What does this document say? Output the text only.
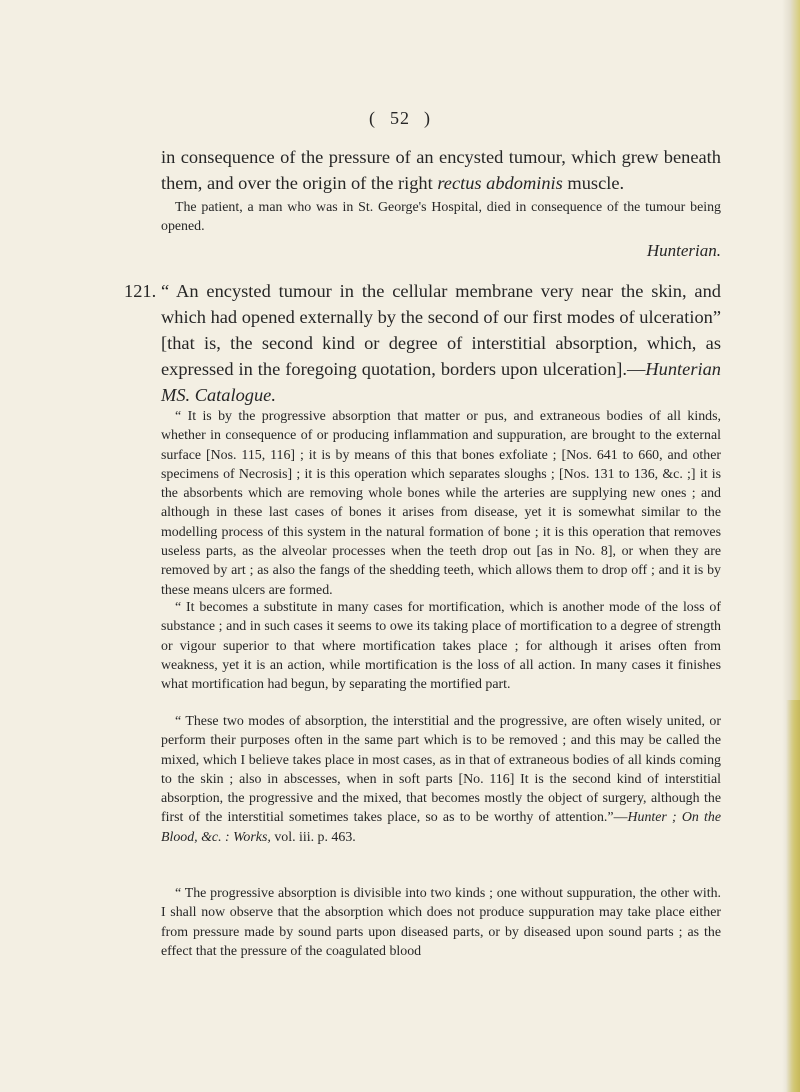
( 52 )

in consequence of the pressure of an encysted tumour, which grew beneath them, and over the origin of the right rectus abdominis muscle.

The patient, a man who was in St. George's Hospital, died in consequence of the tumour being opened.

Hunterian.

121. “ An encysted tumour in the cellular membrane very near the skin, and which had opened externally by the second of our first modes of ulceration” [that is, the second kind or degree of interstitial absorption, which, as expressed in the foregoing quotation, borders upon ulceration].—Hunterian MS. Catalogue.

“ It is by the progressive absorption that matter or pus, and extraneous bodies of all kinds, whether in consequence of or producing inflammation and suppuration, are brought to the external surface [Nos. 115, 116] ; it is by means of this that bones exfoliate ; [Nos. 641 to 660, and other specimens of Necrosis] ; it is this operation which separates sloughs ; [Nos. 131 to 136, &c. ;] it is the absorbents which are removing whole bones while the arteries are supplying new ones ; and although in these last cases of bones it arises from disease, yet it is somewhat similar to the modelling process of this system in the natural formation of bone ; it is this operation that removes useless parts, as the alveolar processes when the teeth drop out [as in No. 8], or when they are removed by art ; as also the fangs of the shedding teeth, which allows them to drop off ; and it is by these means ulcers are formed.

“ It becomes a substitute in many cases for mortification, which is another mode of the loss of substance ; and in such cases it seems to owe its taking place of mortification to a degree of strength or vigour superior to that where mortification takes place ; for although it arises often from weakness, yet it is an action, while mortification is the loss of all action. In many cases it finishes what mortification had begun, by separating the mortified part.

“ These two modes of absorption, the interstitial and the progressive, are often wisely united, or perform their purposes often in the same part which is to be removed ; and this may be called the mixed, which I believe takes place in most cases, as in that of extraneous bodies of all kinds coming to the skin ; also in abscesses, when in soft parts [No. 116] It is the second kind of interstitial absorption, the progressive and the mixed, that becomes mostly the object of surgery, although the first of the interstitial sometimes takes place, so as to be worthy of attention.”—Hunter ; On the Blood, &c. : Works, vol. iii. p. 463.

“ The progressive absorption is divisible into two kinds ; one without suppuration, the other with. I shall now observe that the absorption which does not produce suppuration may take place either from pressure made by sound parts upon diseased parts, or by diseased upon sound parts ; as the effect that the pressure of the coagulated blood
